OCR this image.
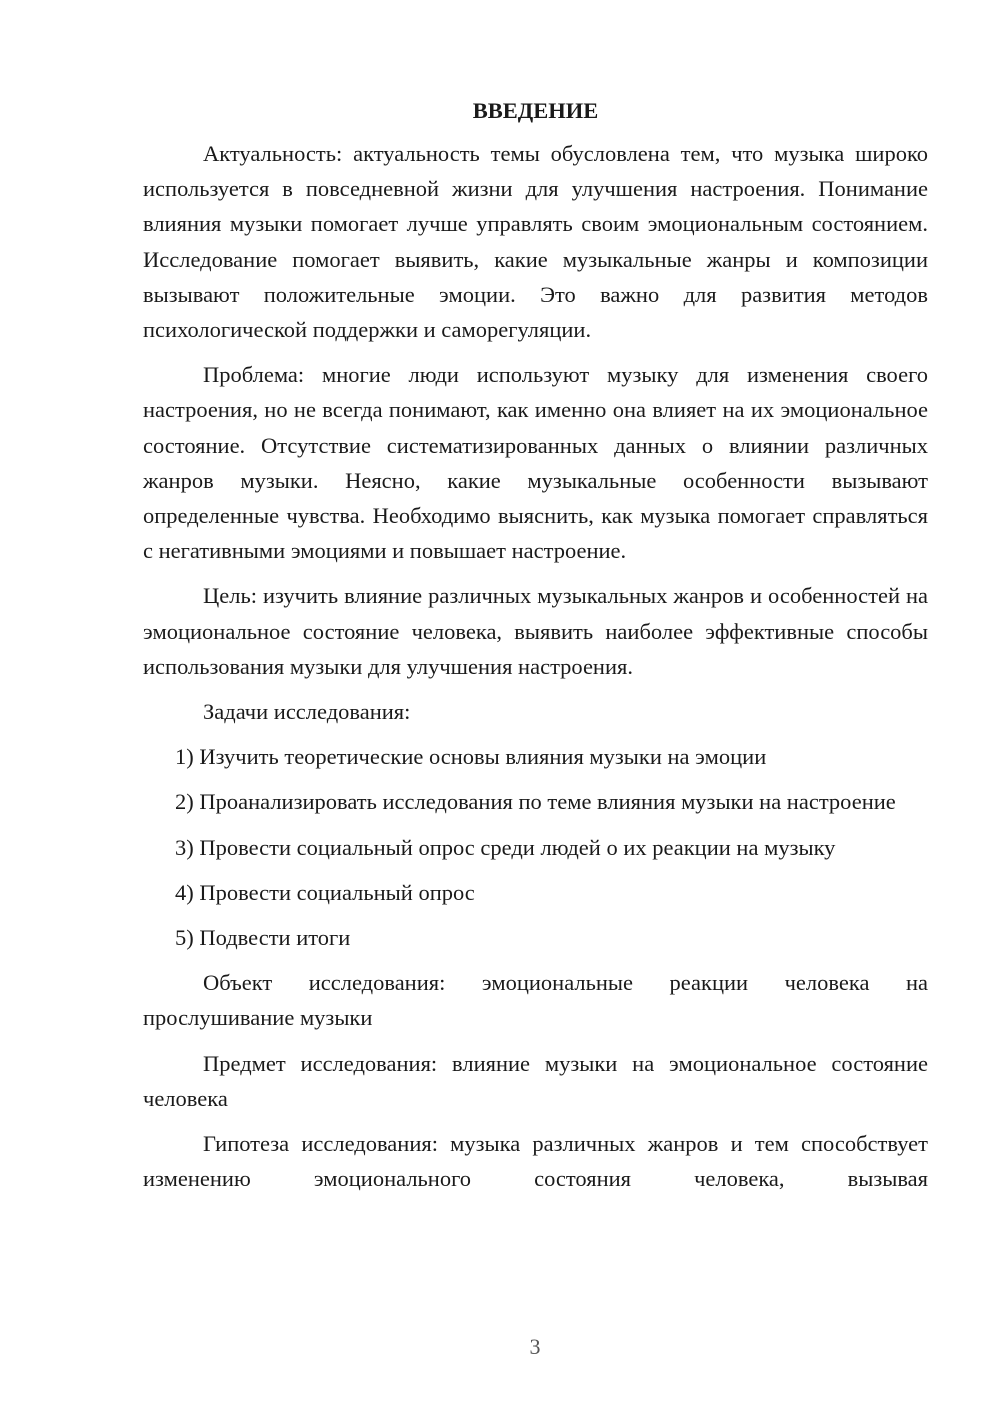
ВВЕДЕНИЕ

Актуальность: актуальность темы обусловлена тем, что музыка широко используется в повседневной жизни для улучшения настроения. Понимание влияния музыки помогает лучше управлять своим эмоциональным состоянием. Исследование помогает выявить, какие музыкальные жанры и композиции вызывают положительные эмоции. Это важно для развития методов психологической поддержки и саморегуляции.

Проблема: многие люди используют музыку для изменения своего настроения, но не всегда понимают, как именно она влияет на их эмоциональное состояние. Отсутствие систематизированных данных о влиянии различных жанров музыки. Неясно, какие музыкальные особенности вызывают определенные чувства. Необходимо выяснить, как музыка помогает справляться с негативными эмоциями и повышает настроение.

Цель: изучить влияние различных музыкальных жанров и особенностей на эмоциональное состояние человека, выявить наиболее эффективные способы использования музыки для улучшения настроения.

Задачи исследования:

1) Изучить теоретические основы влияния музыки на эмоции

2) Проанализировать исследования по теме влияния музыки на настроение

3) Провести социальный опрос среди людей о их реакции на музыку

4) Провести социальный опрос

5) Подвести итоги

Объект исследования: эмоциональные реакции человека на прослушивание музыки

Предмет исследования: влияние музыки на эмоциональное состояние человека

Гипотеза исследования: музыка различных жанров и тем способствует изменению эмоционального состояния человека, вызывая

3
